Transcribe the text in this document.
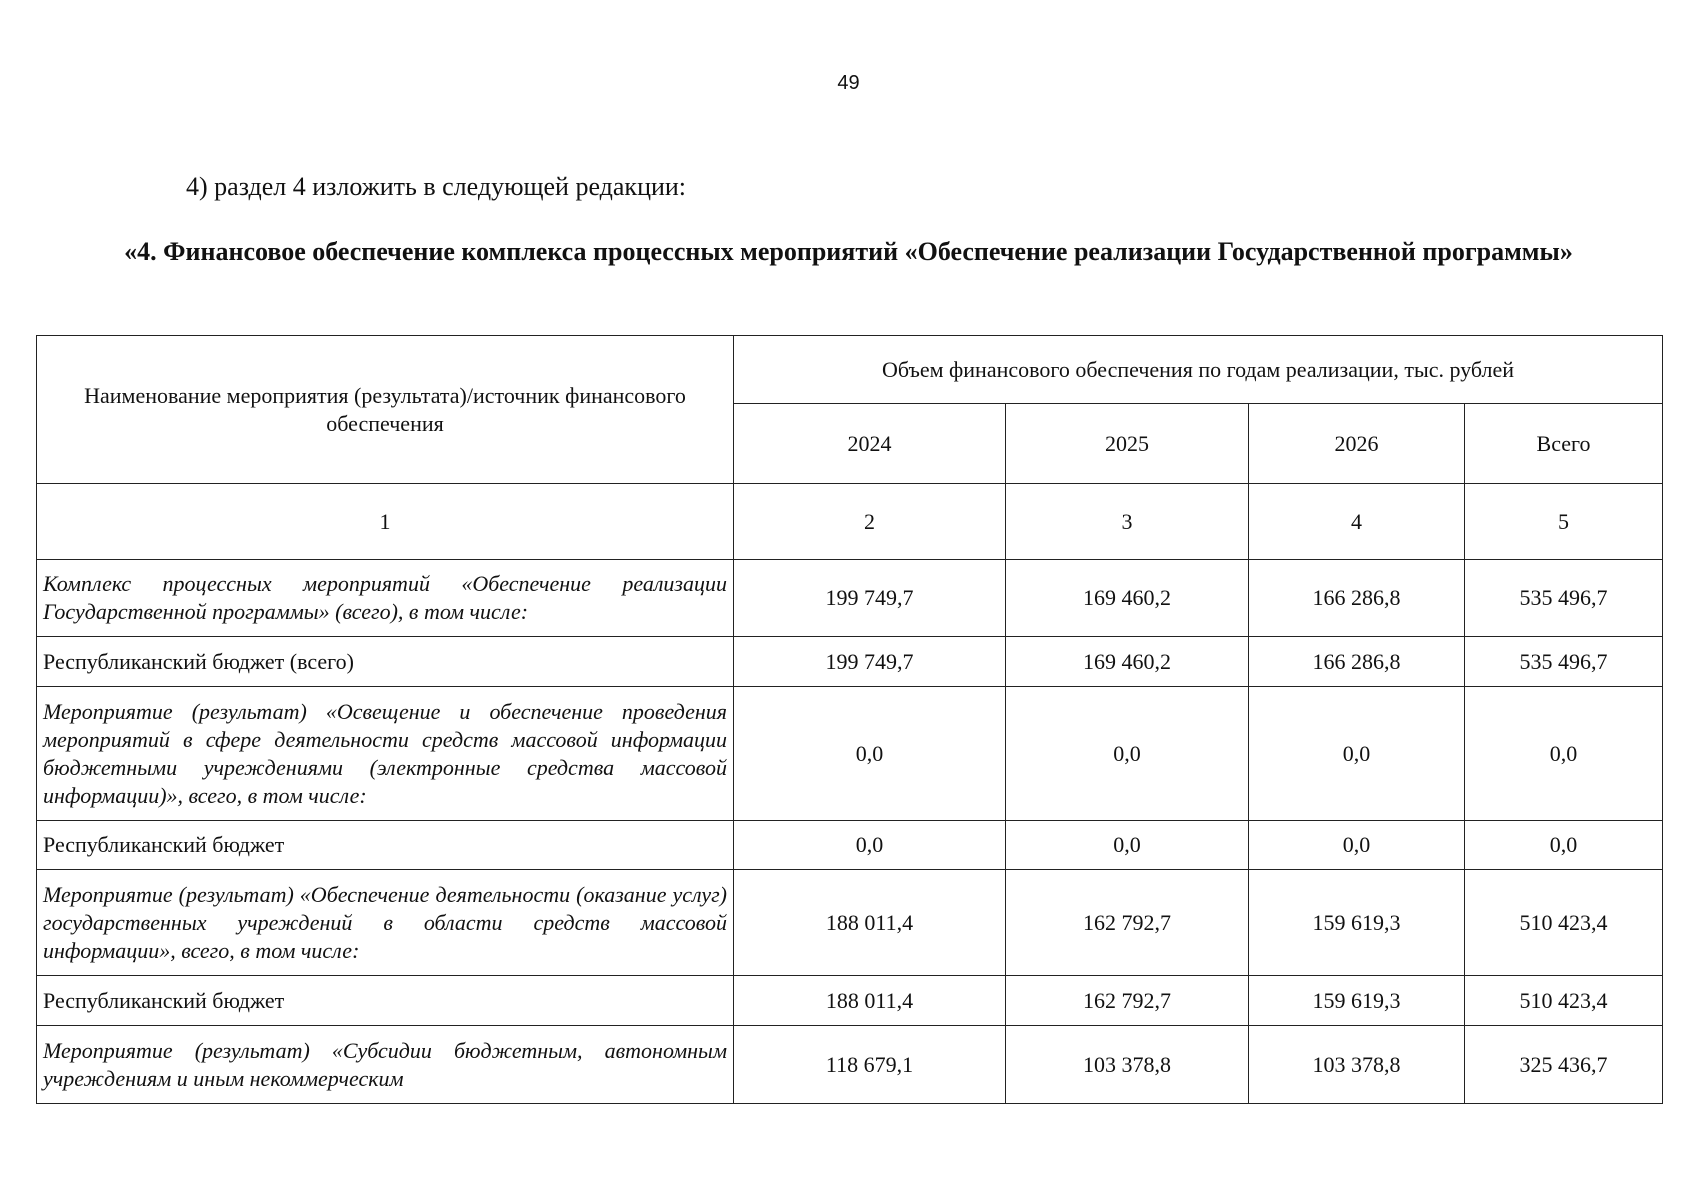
49
4) раздел 4 изложить в следующей редакции:
«4. Финансовое обеспечение комплекса процессных мероприятий «Обеспечение реализации Государственной программы»
Наименование мероприятия (результата)/источник финансового обеспечения	Объем финансового обеспечения по годам реализации, тыс. рублей			
	2024	2025	2026	Всего
1	2	3	4	5
Комплекс процессных мероприятий «Обеспечение реализации Государственной программы» (всего), в том числе:	199 749,7	169 460,2	166 286,8	535 496,7
Республиканский бюджет (всего)	199 749,7	169 460,2	166 286,8	535 496,7
Мероприятие (результат) «Освещение и обеспечение проведения мероприятий в сфере деятельности средств массовой информации бюджетными учреждениями (электронные средства массовой информации)», всего, в том числе:	0,0	0,0	0,0	0,0
Республиканский бюджет	0,0	0,0	0,0	0,0
Мероприятие (результат) «Обеспечение деятельности (оказание услуг) государственных учреждений в области средств массовой информации», всего, в том числе:	188 011,4	162 792,7	159 619,3	510 423,4
Республиканский бюджет	188 011,4	162 792,7	159 619,3	510 423,4
Мероприятие (результат) «Субсидии бюджетным, автономным учреждениям и иным некоммерческим	118 679,1	103 378,8	103 378,8	325 436,7
